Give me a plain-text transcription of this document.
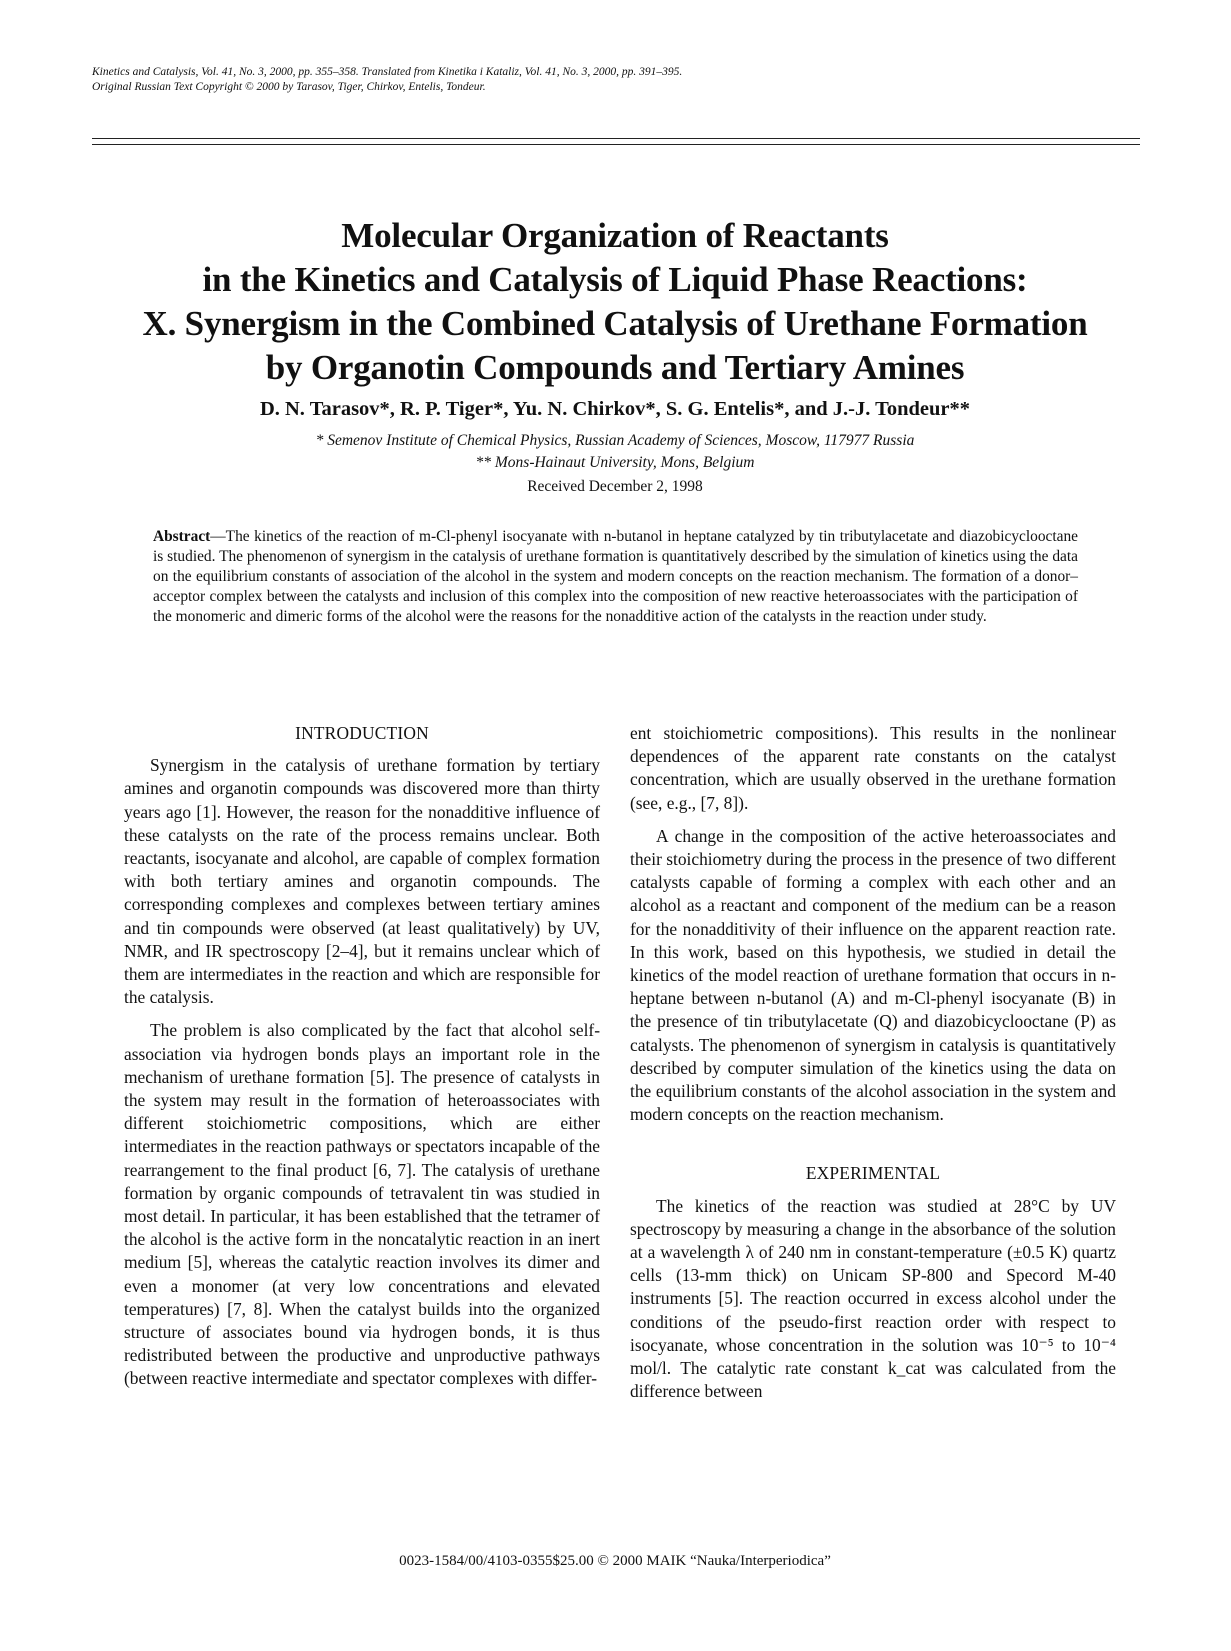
Kinetics and Catalysis, Vol. 41, No. 3, 2000, pp. 355–358. Translated from Kinetika i Kataliz, Vol. 41, No. 3, 2000, pp. 391–395.
Original Russian Text Copyright © 2000 by Tarasov, Tiger, Chirkov, Entelis, Tondeur.
Molecular Organization of Reactants
in the Kinetics and Catalysis of Liquid Phase Reactions:
X. Synergism in the Combined Catalysis of Urethane Formation
by Organotin Compounds and Tertiary Amines
D. N. Tarasov*, R. P. Tiger*, Yu. N. Chirkov*, S. G. Entelis*, and J.-J. Tondeur**
* Semenov Institute of Chemical Physics, Russian Academy of Sciences, Moscow, 117977 Russia
** Mons-Hainaut University, Mons, Belgium
Received December 2, 1998
Abstract—The kinetics of the reaction of m-Cl-phenyl isocyanate with n-butanol in heptane catalyzed by tin tributylacetate and diazobicyclooctane is studied. The phenomenon of synergism in the catalysis of urethane formation is quantitatively described by the simulation of kinetics using the data on the equilibrium constants of association of the alcohol in the system and modern concepts on the reaction mechanism. The formation of a donor–acceptor complex between the catalysts and inclusion of this complex into the composition of new reactive heteroassociates with the participation of the monomeric and dimeric forms of the alcohol were the reasons for the nonadditive action of the catalysts in the reaction under study.
INTRODUCTION

Synergism in the catalysis of urethane formation by tertiary amines and organotin compounds was discovered more than thirty years ago [1]. However, the reason for the nonadditive influence of these catalysts on the rate of the process remains unclear. Both reactants, isocyanate and alcohol, are capable of complex formation with both tertiary amines and organotin compounds. The corresponding complexes and complexes between tertiary amines and tin compounds were observed (at least qualitatively) by UV, NMR, and IR spectroscopy [2–4], but it remains unclear which of them are intermediates in the reaction and which are responsible for the catalysis.

The problem is also complicated by the fact that alcohol self-association via hydrogen bonds plays an important role in the mechanism of urethane formation [5]. The presence of catalysts in the system may result in the formation of heteroassociates with different stoichiometric compositions, which are either intermediates in the reaction pathways or spectators incapable of the rearrangement to the final product [6, 7]. The catalysis of urethane formation by organic compounds of tetravalent tin was studied in most detail. In particular, it has been established that the tetramer of the alcohol is the active form in the noncatalytic reaction in an inert medium [5], whereas the catalytic reaction involves its dimer and even a monomer (at very low concentrations and elevated temperatures) [7, 8]. When the catalyst builds into the organized structure of associates bound via hydrogen bonds, it is thus redistributed between the productive and unproductive pathways (between reactive intermediate and spectator complexes with differ-

ent stoichiometric compositions). This results in the nonlinear dependences of the apparent rate constants on the catalyst concentration, which are usually observed in the urethane formation (see, e.g., [7, 8]).

A change in the composition of the active heteroassociates and their stoichiometry during the process in the presence of two different catalysts capable of forming a complex with each other and an alcohol as a reactant and component of the medium can be a reason for the nonadditivity of their influence on the apparent reaction rate. In this work, based on this hypothesis, we studied in detail the kinetics of the model reaction of urethane formation that occurs in n-heptane between n-butanol (A) and m-Cl-phenyl isocyanate (B) in the presence of tin tributylacetate (Q) and diazobicyclooctane (P) as catalysts. The phenomenon of synergism in catalysis is quantitatively described by computer simulation of the kinetics using the data on the equilibrium constants of the alcohol association in the system and modern concepts on the reaction mechanism.

EXPERIMENTAL

The kinetics of the reaction was studied at 28°C by UV spectroscopy by measuring a change in the absorbance of the solution at a wavelength λ of 240 nm in constant-temperature (±0.5 K) quartz cells (13-mm thick) on Unicam SP-800 and Specord M-40 instruments [5]. The reaction occurred in excess alcohol under the conditions of the pseudo-first reaction order with respect to isocyanate, whose concentration in the solution was 10⁻⁵ to 10⁻⁴ mol/l. The catalytic rate constant k_cat was calculated from the difference between

0023-1584/00/4103-0355$25.00 © 2000 MAIK “Nauka/Interperiodica”
